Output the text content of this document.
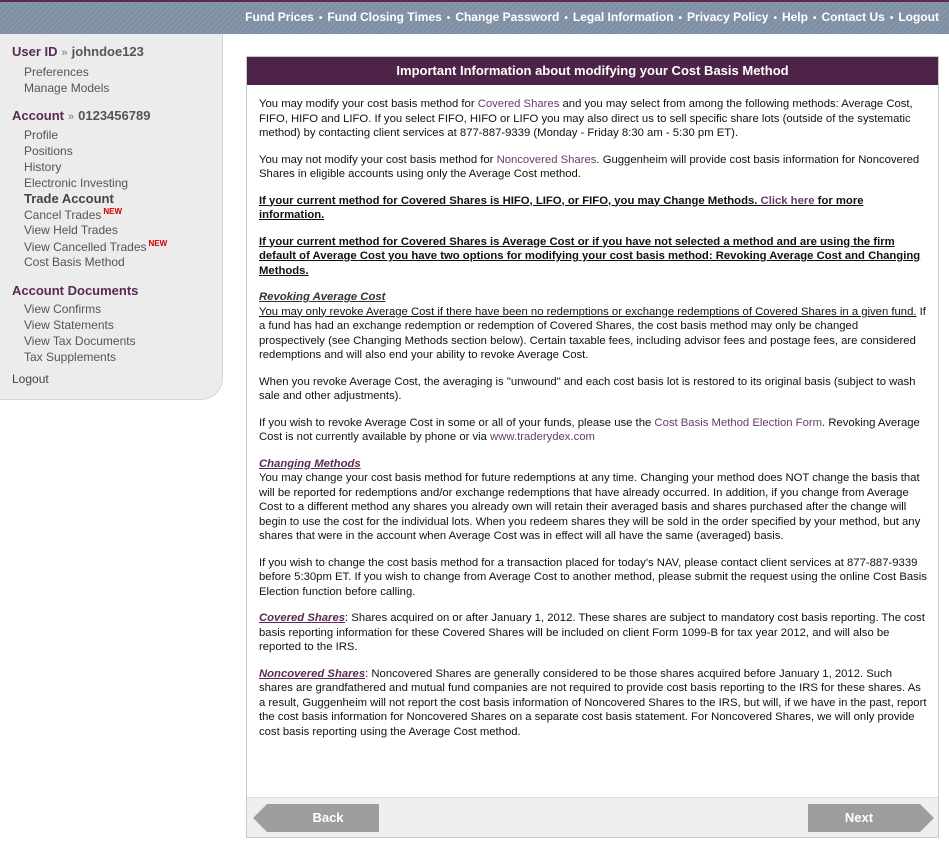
Fund Prices • Fund Closing Times • Change Password • Legal Information • Privacy Policy • Help • Contact Us • Logout
User ID » johndoe123
Preferences
Manage Models
Account » 0123456789
Profile
Positions
History
Electronic Investing
Trade Account
Cancel Trades $^{NEW}$
View Held Trades
View Cancelled Trades $^{NEW}$
Cost Basis Method
Account Documents
View Confirms
View Statements
View Tax Documents
Tax Supplements
Logout
Important Information about modifying your Cost Basis Method

You may modify your cost basis method for Covered Shares and you may select from among the following methods: Average Cost, FIFO, HIFO and LIFO. If you select FIFO, HIFO or LIFO you may also direct us to sell specific share lots (outside of the systematic method) by contacting client services at 877-887-9339 (Monday - Friday 8:30 am - 5:30 pm ET).

You may not modify your cost basis method for Noncovered Shares. Guggenheim will provide cost basis information for Noncovered Shares in eligible accounts using only the Average Cost method.

If your current method for Covered Shares is HIFO, LIFO, or FIFO, you may Change Methods. Click here for more information.

If your current method for Covered Shares is Average Cost or if you have not selected a method and are using the firm default of Average Cost you have two options for modifying your cost basis method: Revoking Average Cost and Changing Methods.

Revoking Average Cost
You may only revoke Average Cost if there have been no redemptions or exchange redemptions of Covered Shares in a given fund. If a fund has had an exchange redemption or redemption of Covered Shares, the cost basis method may only be changed prospectively (see Changing Methods section below). Certain taxable fees, including advisor fees and postage fees, are considered redemptions and will also end your ability to revoke Average Cost.

When you revoke Average Cost, the averaging is "unwound" and each cost basis lot is restored to its original basis (subject to wash sale and other adjustments).

If you wish to revoke Average Cost in some or all of your funds, please use the Cost Basis Method Election Form. Revoking Average Cost is not currently available by phone or via www.traderydex.com

Changing Methods
You may change your cost basis method for future redemptions at any time. Changing your method does NOT change the basis that will be reported for redemptions and/or exchange redemptions that have already occurred. In addition, if you change from Average Cost to a different method any shares you already own will retain their averaged basis and shares purchased after the change will begin to use the cost for the individual lots. When you redeem shares they will be sold in the order specified by your method, but any shares that were in the account when Average Cost was in effect will all have the same (averaged) basis.

If you wish to change the cost basis method for a transaction placed for today's NAV, please contact client services at 877-887-9339 before 5:30pm ET. If you wish to change from Average Cost to another method, please submit the request using the online Cost Basis Election function before calling.

Covered Shares: Shares acquired on or after January 1, 2012. These shares are subject to mandatory cost basis reporting. The cost basis reporting information for these Covered Shares will be included on client Form 1099-B for tax year 2012, and will also be reported to the IRS.

Noncovered Shares: Noncovered Shares are generally considered to be those shares acquired before January 1, 2012. Such shares are grandfathered and mutual fund companies are not required to provide cost basis reporting to the IRS for these shares. As a result, Guggenheim will not report the cost basis information of Noncovered Shares to the IRS, but will, if we have in the past, report the cost basis information for Noncovered Shares on a separate cost basis statement. For Noncovered Shares, we will only provide cost basis reporting using the Average Cost method.

Back	Next
